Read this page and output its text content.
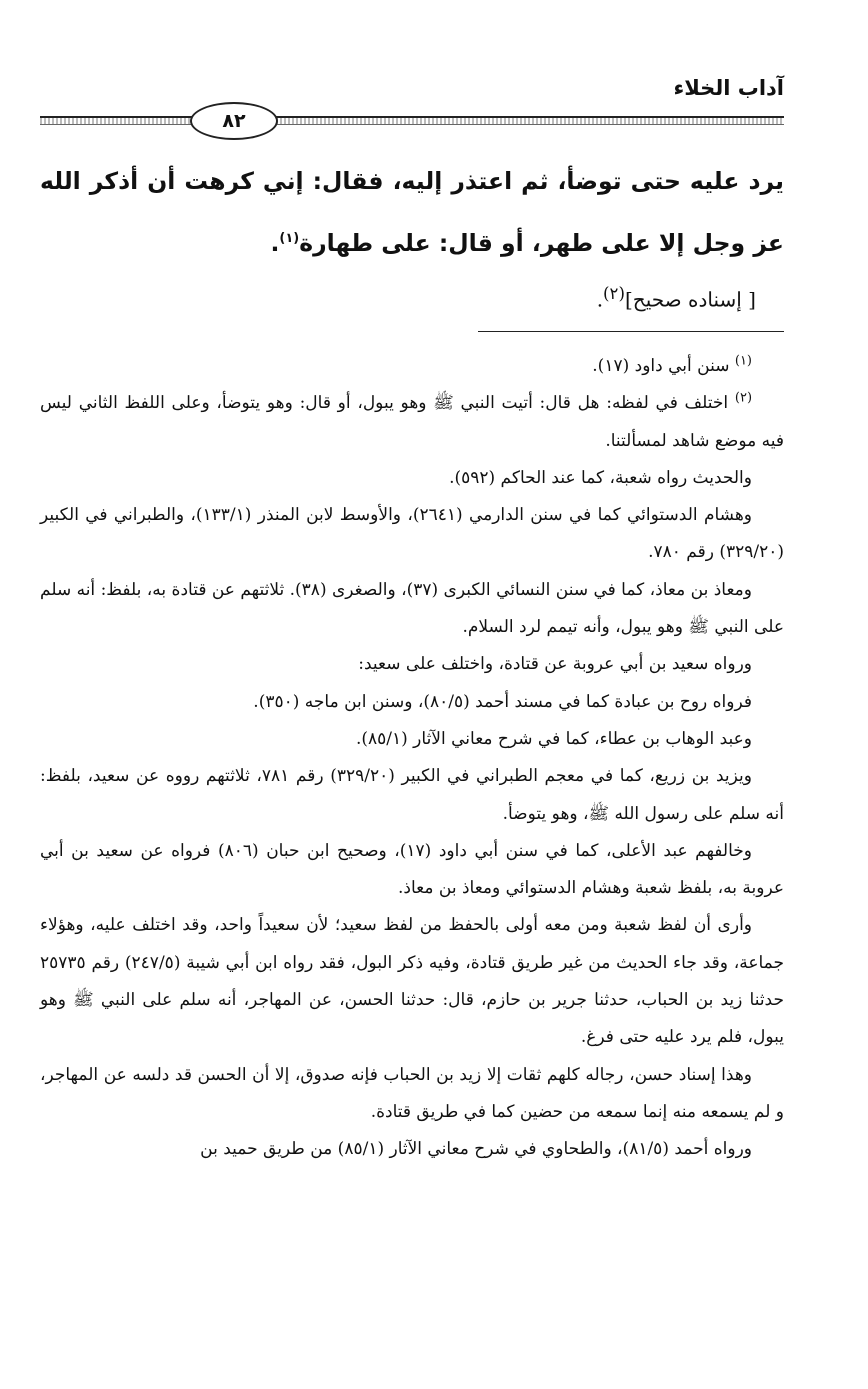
آداب الخلاء
٨٢

يرد عليه حتى توضأ، ثم اعتذر إليه، فقال: إني كرهت أن أذكر الله عز وجل إلا على طهر، أو قال: على طهارة$^{(١)}$.

[ إسناده صحيح]$^{(٢)}$.

$^{(١)}$ سنن أبي داود (١٧).

$^{(٢)}$ اختلف في لفظه: هل قال: أتيت النبي ﷺ وهو يبول، أو قال: وهو يتوضأ، وعلى اللفظ الثاني ليس فيه موضع شاهد لمسألتنا.

والحديث رواه شعبة، كما عند الحاكم (٥٩٢).

وهشام الدستوائي كما في سنن الدارمي (٢٦٤١)، والأوسط لابن المنذر (١٣٣/١)، والطبراني في الكبير (٣٢٩/٢٠) رقم ٧٨٠.

ومعاذ بن معاذ، كما في سنن النسائي الكبرى (٣٧)، والصغرى (٣٨). ثلاثتهم عن قتادة به، بلفظ: أنه سلم على النبي ﷺ وهو يبول، وأنه تيمم لرد السلام.

ورواه سعيد بن أبي عروبة عن قتادة، واختلف على سعيد:

فرواه روح بن عبادة كما في مسند أحمد (٨٠/٥)، وسنن ابن ماجه (٣٥٠).

وعبد الوهاب بن عطاء، كما في شرح معاني الآثار (٨٥/١).

ويزيد بن زريع، كما في معجم الطبراني في الكبير (٣٢٩/٢٠) رقم ٧٨١، ثلاثتهم رووه عن سعيد، بلفظ: أنه سلم على رسول الله ﷺ، وهو يتوضأ.

وخالفهم عبد الأعلى، كما في سنن أبي داود (١٧)، وصحيح ابن حبان (٨٠٦) فرواه عن سعيد بن أبي عروبة به، بلفظ شعبة وهشام الدستوائي ومعاذ بن معاذ.

وأرى أن لفظ شعبة ومن معه أولى بالحفظ من لفظ سعيد؛ لأن سعيداً واحد، وقد اختلف عليه، وهؤلاء جماعة، وقد جاء الحديث من غير طريق قتادة، وفيه ذكر البول، فقد رواه ابن أبي شيبة (٢٤٧/٥) رقم ٢٥٧٣٥ حدثنا زيد بن الحباب، حدثنا جرير بن حازم، قال: حدثنا الحسن، عن المهاجر، أنه سلم على النبي ﷺ وهو يبول، فلم يرد عليه حتى فرغ.

وهذا إسناد حسن، رجاله كلهم ثقات إلا زيد بن الحباب فإنه صدوق، إلا أن الحسن قد دلسه عن المهاجر، و لم يسمعه منه إنما سمعه من حضين كما في طريق قتادة.

ورواه أحمد (٨١/٥)، والطحاوي في شرح معاني الآثار (٨٥/١) من طريق حميد بن
